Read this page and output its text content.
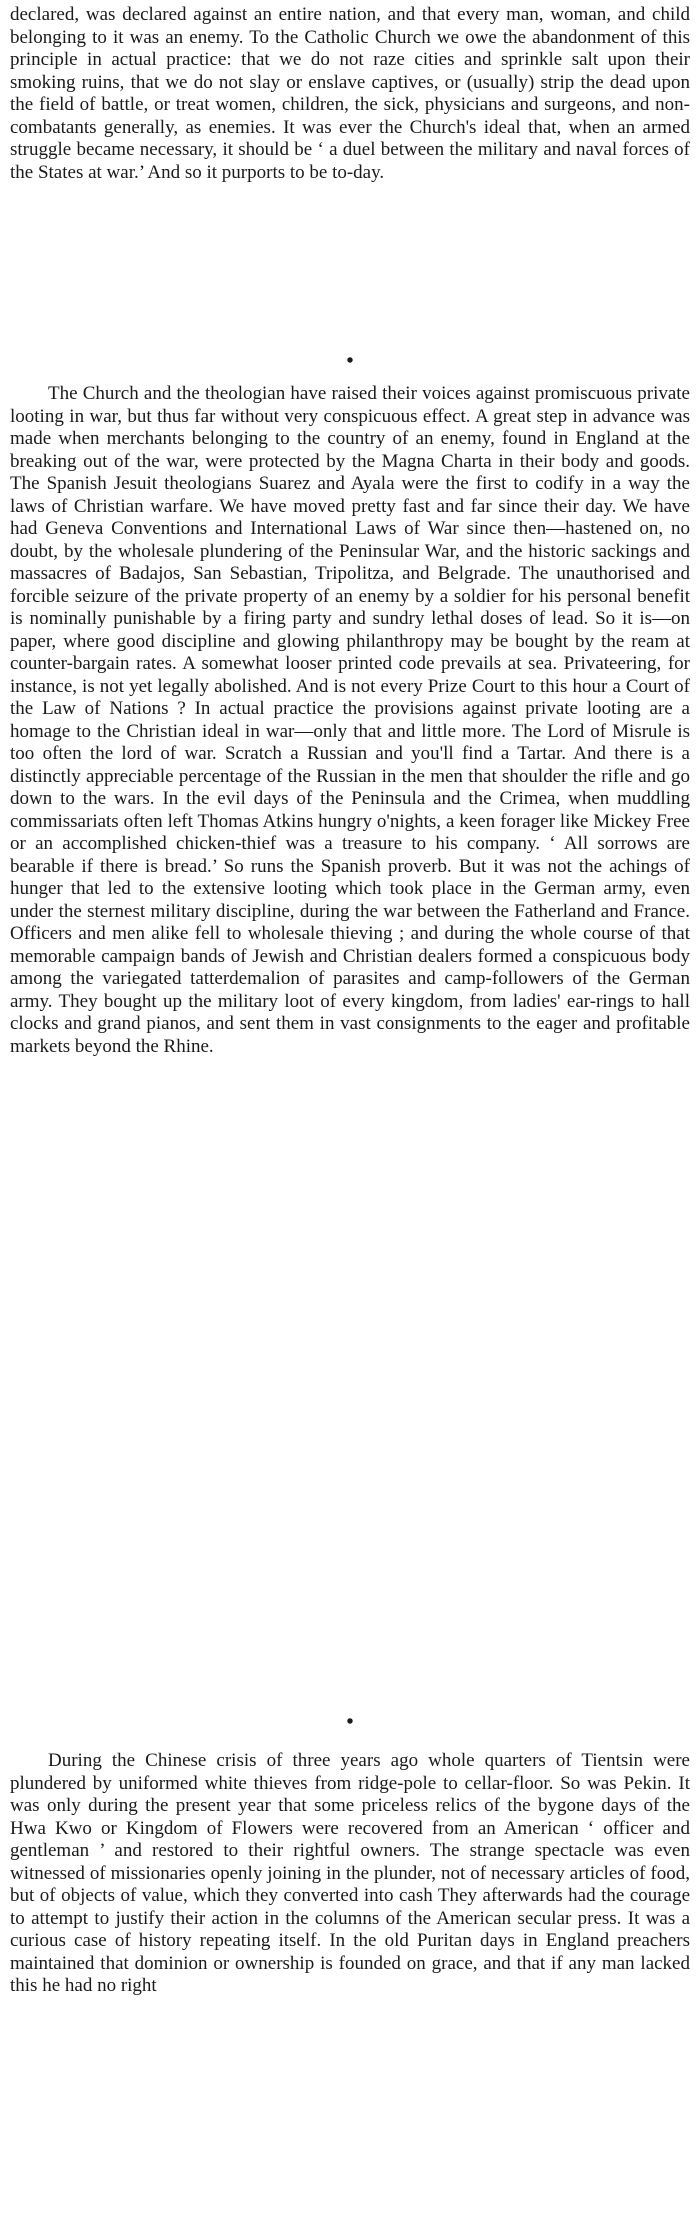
declared, was declared against an entire nation, and that every man, woman, and child belonging to it was an enemy. To the Catholic Church we owe the abandonment of this principle in actual practice: that we do not raze cities and sprinkle salt upon their smoking ruins, that we do not slay or enslave captives, or (usually) strip the dead upon the field of battle, or treat women, children, the sick, physicians and surgeons, and non-combatants generally, as enemies. It was ever the Church's ideal that, when an armed struggle became necessary, it should be ‘ a duel between the military and naval forces of the States at war.’ And so it purports to be to-day.

•

The Church and the theologian have raised their voices against promiscuous private looting in war, but thus far without very conspicuous effect. A great step in advance was made when merchants belonging to the country of an enemy, found in England at the breaking out of the war, were protected by the Magna Charta in their body and goods. The Spanish Jesuit theologians Suarez and Ayala were the first to codify in a way the laws of Christian warfare. We have moved pretty fast and far since their day. We have had Geneva Conventions and International Laws of War since then—hastened on, no doubt, by the wholesale plundering of the Peninsular War, and the historic sackings and massacres of Badajos, San Sebastian, Tripolitza, and Belgrade. The unauthorised and forcible seizure of the private property of an enemy by a soldier for his personal benefit is nominally punishable by a firing party and sundry lethal doses of lead. So it is—on paper, where good discipline and glowing philanthropy may be bought by the ream at counter-bargain rates. A somewhat looser printed code prevails at sea. Privateering, for instance, is not yet legally abolished. And is not every Prize Court to this hour a Court of the Law of Nations ? In actual practice the provisions against private looting are a homage to the Christian ideal in war—only that and little more. The Lord of Misrule is too often the lord of war. Scratch a Russian and you'll find a Tartar. And there is a distinctly appreciable percentage of the Russian in the men that shoulder the rifle and go down to the wars. In the evil days of the Peninsula and the Crimea, when muddling commissariats often left Thomas Atkins hungry o'nights, a keen forager like Mickey Free or an accomplished chicken-thief was a treasure to his company. ‘ All sorrows are bearable if there is bread.’ So runs the Spanish proverb. But it was not the achings of hunger that led to the extensive looting which took place in the German army, even under the sternest military discipline, during the war between the Fatherland and France. Officers and men alike fell to wholesale thieving ; and during the whole course of that memorable campaign bands of Jewish and Christian dealers formed a conspicuous body among the variegated tatterdemalion of parasites and camp-followers of the German army. They bought up the military loot of every kingdom, from ladies' ear-rings to hall clocks and grand pianos, and sent them in vast consignments to the eager and profitable markets beyond the Rhine.

•

During the Chinese crisis of three years ago whole quarters of Tientsin were plundered by uniformed white thieves from ridge-pole to cellar-floor. So was Pekin. It was only during the present year that some priceless relics of the bygone days of the Hwa Kwo or Kingdom of Flowers were recovered from an American ‘ officer and gentleman ’ and restored to their rightful owners. The strange spectacle was even witnessed of missionaries openly joining in the plunder, not of necessary articles of food, but of objects of value, which they converted into cash They afterwards had the courage to attempt to justify their action in the columns of the American secular press. It was a curious case of history repeating itself. In the old Puritan days in England preachers maintained that dominion or ownership is founded on grace, and that if any man lacked this he had no right
